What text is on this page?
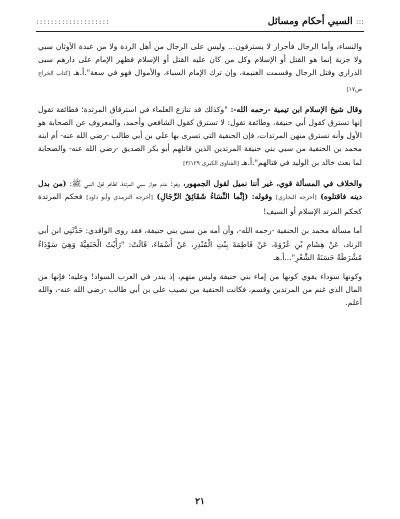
::: السبي أحكام ومسائل
::::::::::::::::::::

والنساء، وأما الرجال فأحرار لا يسترقون... وليس على الرجال من أهل الردة ولا من عبدة الأوثان سبي ولا جزية إنما هو القتل أو الإسلام وكل من كان عليه القتل أو الإسلام فظهر الإمام على دارهم سبى الذراري وقتل الرجال وقسمت الغنيمة، وإن ترك الإمام السباء، والأموال فهو في سعة".أ.هـ [كتاب الخراج ص١٧]

وقال شيخ الإسلام ابن تيمية -رحمه الله-: "وكذلك قد تنازع العلماء في استرقاق المرتدة؛ فطائفة تقول إنها تسترق كقول أبي حنيفة، وطائفة تقول: لا تسترق كقول الشافعي وأحمد، والمعروف عن الصحابة هو الأول وأنه تسترق منهن المرتدات، فإن الحنفية التي تسرى بها علي بن أبي طالب -رضي الله عنه- أم ابنه محمد بن الحنفية من سبي بني حنيفة المرتدين الذين قاتلهم أبو بكر الصديق -رضي الله عنه- والصحابة لما بعث خالد بن الوليد في قتالهم".أ.هـ [الفتاوى الكبرى ٣/١٢٩]

والخلاف في المسألة قوي، غير أننا نميل لقول الجمهور، وهو: عدم جواز سبي المرتدة، لظاهر قول النبي ﷺ: (من بدل دينه فاقتلوه) [أخرجه البخاري] وقوله: (إنَّما النِّسَاءُ شَقَائِقُ الرِّجَالِ) [أخرجه الترمذي وأبو داود] فحكم المرتدة كحكم المرتد الإسلام أو السيف!

أما مسألة محمد بن الحنفية -رحمه الله-، وأن أمه من سبي بني حنيفة، فقد روى الواقدي: حَدَّثَنِي ابن أبي الزناد، عَنْ هِشَامِ بْنِ عُرْوَةَ، عَنْ فَاطِمَةَ بِنْتِ الْمُنْذِرِ، عَنْ أَسْمَاءَ، قَالَتْ: "رَأَيْتُ الْحَنَفِيَّةَ وَهِيَ سَوْدَاءُ مُشْرَطَةٌ حَسَنَةُ الشَّعْرِ"...أ.هـ

وكونها سوداء يقوي كونها من إماء بني حنيفة وليس منهم، إذ يندر في العرب السواد! وعليه؛ فإنها من المال الذي غنم من المرتدين وقسم، فكانت الحنفية من نصيب علي بن أبي طالب -رضي الله عنه-، والله أعلم.

٢١
